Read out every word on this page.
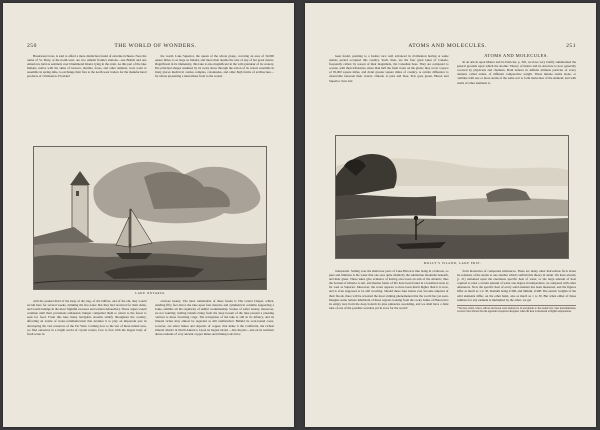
250	THE WORLD OF WONDERS.

Breakwater treat, is said to afford a mere distinction found of extreme richness. Near the outlet of St. Mary, at the north-west, are two Amidst frontier stations—one British and one American, held as sentinels over Drummond Island, lying in the strait. As this part of the lake Indians, native with the skins of beavers, martins, foxes, and other animals, were wont to assemble in spring-time, to exchange their furs to the north-west traders for the manufactured products of civilization. Provided

the world. Lake Superior, the queen of the whole group, covering an area of 32,000 square miles, is as large as Ireland, and more than double the size of any of her great sisters. Magnificent in its immensity, this lake is also magnificent in the wild grandeur of its scenery. The principal shapes assumed by its rocky shore through the action of its waters resemble in many places mediæval castles, temples, colonnades, and other high forms of architecture—the whole presenting a marvellous front to the waters

LAKE ONTARIO.

with the peaked thrid of the heap of the stag, of the buffalo, and of the elk, they would recruit here for several weeks, drinking the fire-water that they had received for their skins, and would indulge in the most frightful excesses and wanton debauchery. These orgies would continue until their provisions exhausted, hunger compelled them to return to the forest to seek for food. From this lake many navigable streams ramify throughout the country, affording an extent of water-communication that destines it to play an important part in developing the vast resources of the Far West. Coming now to the last of these inland seas, we find ourselves in a bright world of crystal waters, face to face with the largest body of fresh water in

obvious beauty. The most remarkable of these freaks is The Grand Chapel, which, standing fifty feet above the lake upon four massive and symmetrical columns supporting a dome, exhibits all the regularity of skilful workmanship. Scenes of softer beauty, moreover, are not wanting; trailing islands rising from the deep bosom of the lake present a pleasing contrast to these frowning crags. The navigation of the lake is still in its infancy, and its mineral riches may almost be regarded as still undisturbed. Behind its rock-bound coast, however, are silver mines and deposits of copper, that make it the California, the richest mineral district in North America. Upon its largest island —Isle Royale—and on its northern shores remains of very ancient copper mines and mining tools have

ATOMS AND MOLECULES.	251

been found, pointing to a former race well advanced in civilization having at some remote period occupied this country. Such, then, are the four great lakes of Canada, frequently called, by reason of their magnitude, the Canadian Seas. They are compared to oceans, with their tributaries, more than half the fresh water on the globe; they cover a space of 95,000 square miles, and drain greater square miles of country. A certain difference is observable between their waters. Ontario is pure and blue, Erie goes green, Huron and Superior clear and

ATOMS AND MOLECULES.

In an article upon Matter and its Particles, p. 305, we have very briefly summarized the general grounds upon which the Atomic Theory of matter and its structure is now generally received by physicists and chemists. Both believe in definite ultimate particles of every element, called atoms, of different comparative weight. These minute atoms alone, or combine with one or more atoms of the same sort to form molecules of the element; and with atoms of other elements to

MOLLY'S ISLAND, LAKE ERIE.

transparent. Sailing over the shallower parts of Lake Huron is like being in a balloon, so pure and limitless is the water that one sees quite distinctly the submarine mountain beneath, and their glens. These lakes give evidence of having once been an arm of the Atlantic; thus the bottom of Ontario is salt, and marine forms of life have been found in a fossilised state as far west as Superior. Moreover, the water appears to have been much higher than it is now, and is even supposed to be still receding. Should these lake basins ever become emptied of their floods, there will be revealed the most striking phenomenon that the world has yet seen. Imagine some remote inhabitant of these regions looking from the rocky banks of Huron into its empty bed, from the deep bottom its pine pinnacles ascending, and we shall have a faint idea of one of the possible wonders yet in store for the world!

form molecules of compound substances. There are many other marvellous facts about the relations of the atoms to one another which confirm this theory in detail. We have already (p. 21) remarked upon the enormous specific heat of water, or the large amount of heat required to raise a certain amount of water one degree in temperature, as compared with other substances. Now the specific heat of every solid element has been measured, and the figures differ as much as 1 to 30, bismuth being 0.308, and lithium, 9.408. The atomic weights of the solid elements differ, on the other hand, also as much as 1 to 30. But when either of these numbers for any element is multiplied by the other, we get

* We may safely collect, silicon and boron were believed to be exceptions to the atomic law; later determinations, however, have shown that the apparent exceptions disappear when the heat is measured at higher temperatures.
